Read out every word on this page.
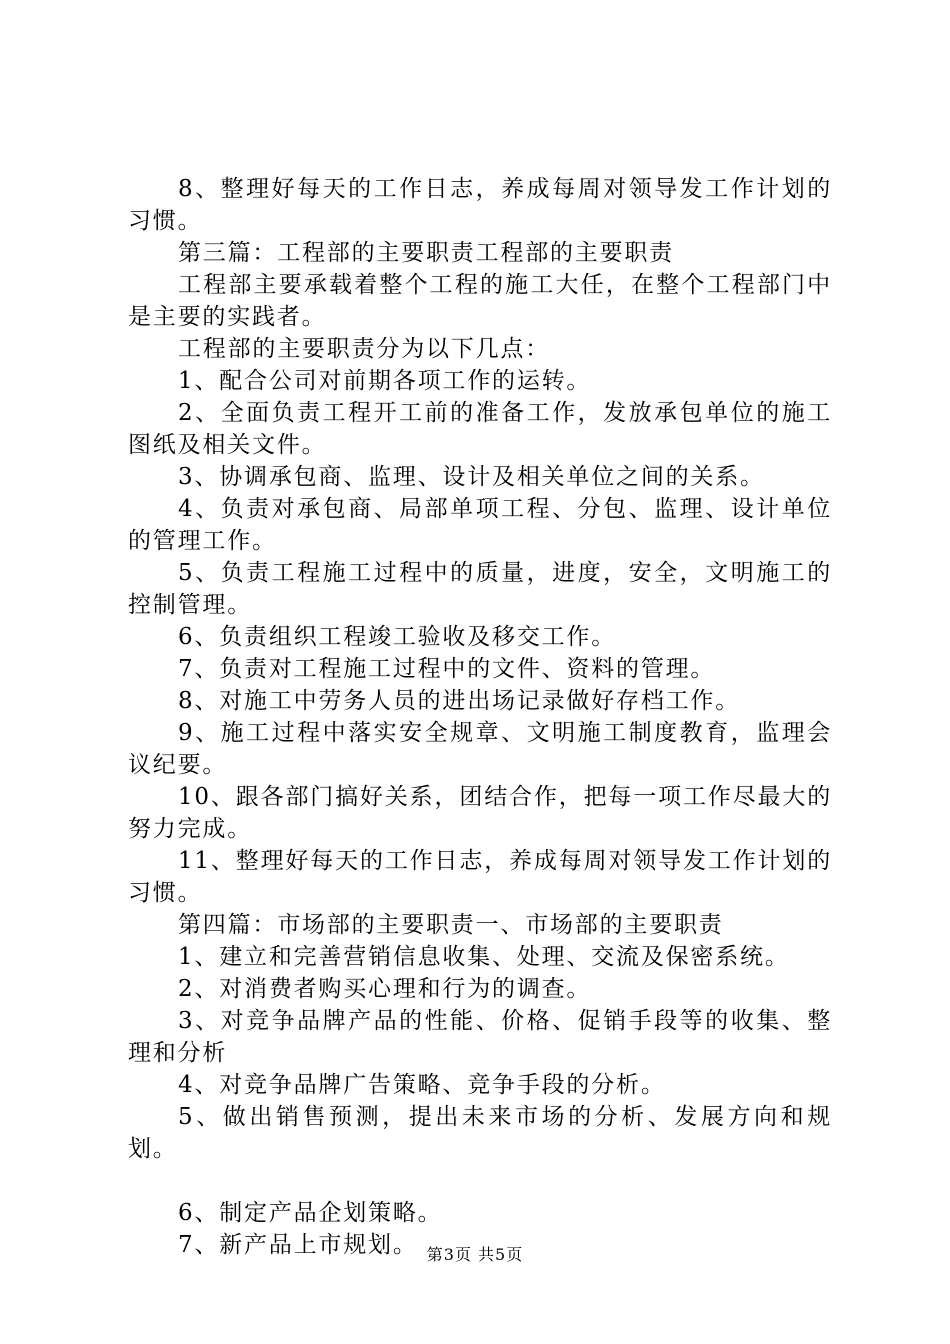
8、整理好每天的工作日志，养成每周对领导发工作计划的习惯。

第三篇：工程部的主要职责工程部的主要职责

工程部主要承载着整个工程的施工大任，在整个工程部门中是主要的实践者。

工程部的主要职责分为以下几点：

1、配合公司对前期各项工作的运转。

2、全面负责工程开工前的准备工作，发放承包单位的施工图纸及相关文件。

3、协调承包商、监理、设计及相关单位之间的关系。

4、负责对承包商、局部单项工程、分包、监理、设计单位的管理工作。

5、负责工程施工过程中的质量，进度，安全，文明施工的控制管理。

6、负责组织工程竣工验收及移交工作。

7、负责对工程施工过程中的文件、资料的管理。

8、对施工中劳务人员的进出场记录做好存档工作。

9、施工过程中落实安全规章、文明施工制度教育，监理会议纪要。

10、跟各部门搞好关系，团结合作，把每一项工作尽最大的努力完成。

11、整理好每天的工作日志，养成每周对领导发工作计划的习惯。

第四篇：市场部的主要职责一、市场部的主要职责

1、建立和完善营销信息收集、处理、交流及保密系统。

2、对消费者购买心理和行为的调查。

3、对竞争品牌产品的性能、价格、促销手段等的收集、整理和分析

4、对竞争品牌广告策略、竞争手段的分析。

5、做出销售预测，提出未来市场的分析、发展方向和规划。

6、制定产品企划策略。

7、新产品上市规划。 第3页 共5页
